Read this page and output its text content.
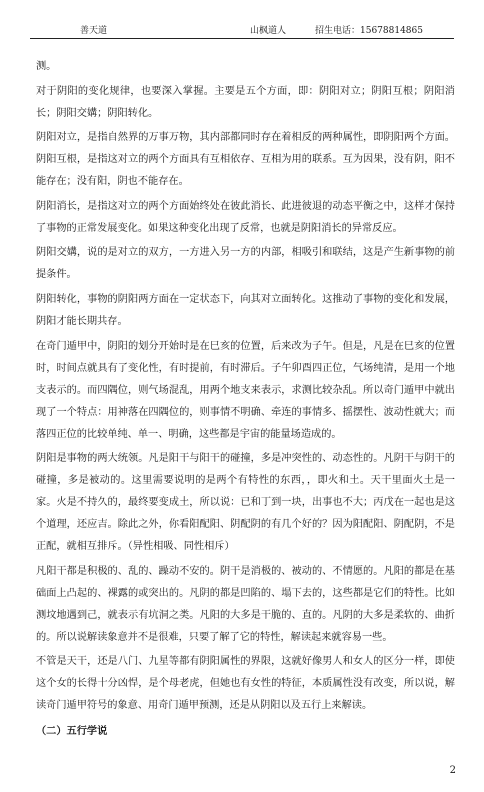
善天道	山枫道人	招生电话：15678814865

测。

对于阴阳的变化规律，也要深入掌握。主要是五个方面，即：阴阳对立；阴阳互根；阴阳消长；阴阳交媾；阴阳转化。

阴阳对立，是指自然界的万事万物，其内部都同时存在着相反的两种属性，即阴阳两个方面。阴阳互根，是指这对立的两个方面具有互相依存、互相为用的联系。互为因果，没有阴，阳不能存在；没有阳，阴也不能存在。

阴阳消长，是指这对立的两个方面始终处在彼此消长、此进彼退的动态平衡之中，这样才保持了事物的正常发展变化。如果这种变化出现了反常，也就是阴阳消长的异常反应。

阴阳交媾，说的是对立的双方，一方进入另一方的内部，相吸引和联结，这是产生新事物的前提条件。

阴阳转化，事物的阴阳两方面在一定状态下，向其对立面转化。这推动了事物的变化和发展，阴阳才能长期共存。

在奇门遁甲中，阴阳的划分开始时是在巳亥的位置，后来改为子午。但是，凡是在巳亥的位置时，时间点就具有了变化性，有时提前，有时滞后。子午卯酉四正位，气场纯清，是用一个地支表示的。而四隅位，则气场混乱，用两个地支来表示，求测比较杂乱。所以奇门遁甲中就出现了一个特点：用神落在四隅位的，则事情不明确、牵连的事情多、摇摆性、波动性就大；而落四正位的比较单纯、单一、明确，这些都是宇宙的能量场造成的。

阴阳是事物的两大统领。凡是阳干与阳干的碰撞，多是冲突性的、动态性的。凡阴干与阴干的碰撞，多是被动的。这里需要说明的是两个有特性的东西，，即火和土。天干里面火土是一家。火是不持久的，最终要变成土，所以说：已和丁到一块，出事也不大；丙戊在一起也是这个道理，还应吉。除此之外，你看阳配阳、阴配阴的有几个好的？因为阳配阳、阴配阴，不是正配，就相互排斥。（异性相吸、同性相斥）

凡阳干都是积极的、乱的、躁动不安的。阴干是消极的、被动的、不情愿的。凡阳的都是在基础面上凸起的、裸露的或突出的。凡阴的都是凹陷的、塌下去的，这些都是它们的特性。比如测坟地遇到己，就表示有坑洞之类。凡阳的大多是干脆的、直的。凡阴的大多是柔软的、曲折的。所以说解读象意并不是很难，只要了解了它的特性，解读起来就容易一些。

不管是天干，还是八门、九星等都有阴阳属性的界限，这就好像男人和女人的区分一样，即使这个女的长得十分凶悍，是个母老虎，但她也有女性的特征，本质属性没有改变，所以说，解读奇门遁甲符号的象意、用奇门遁甲预测，还是从阴阳以及五行上来解读。

（二）五行学说

2
